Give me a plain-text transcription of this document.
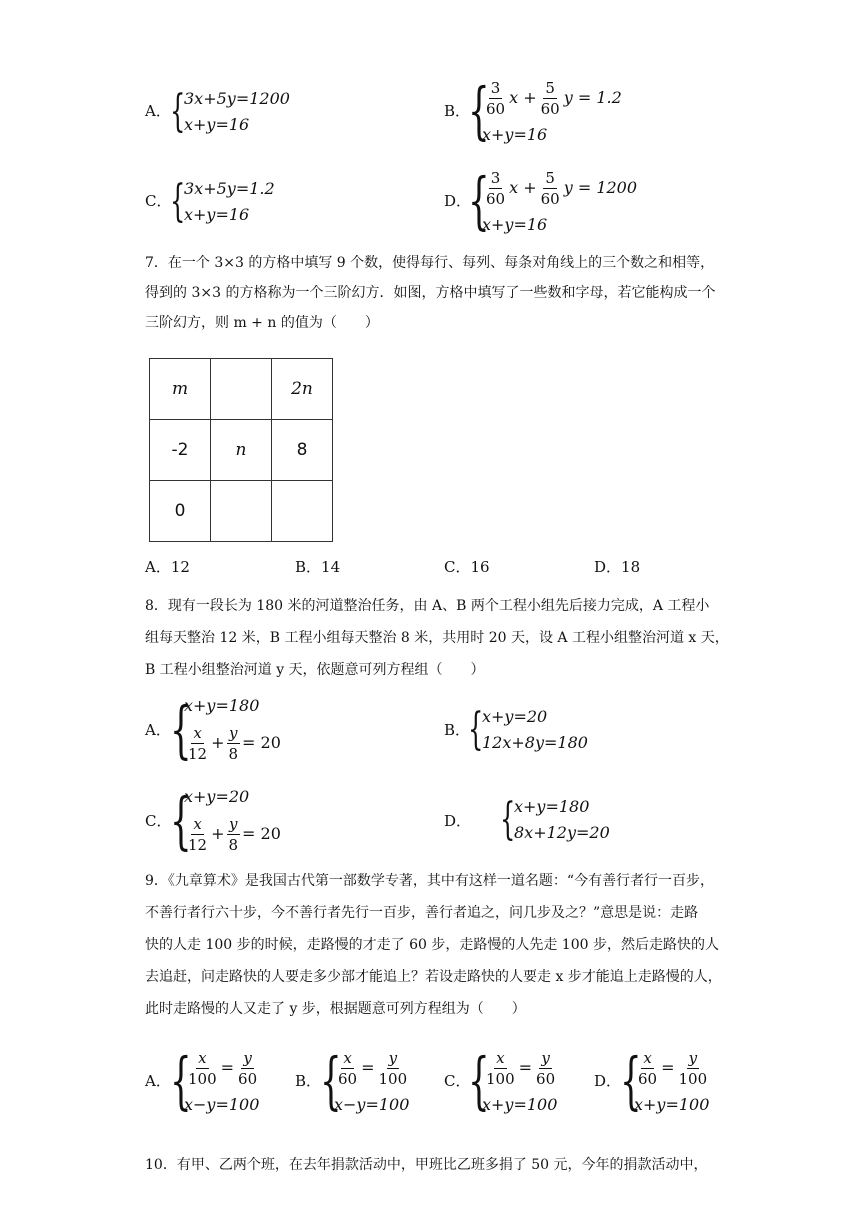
A． {
3x+5y=1200
x+y=16
B．
{
$\frac{3}{60}$ $x + \frac{5}{60}$ y = 1.2
x+y=16
C．
{
3x+5y=1.2
x+y=16
D．
{
$\frac{3}{60}$ $x + \frac{5}{60}$ y = 1200
x+y=16
7．在一个 3×3 的方格中填写 9 个数，使得每行、每列、每条对角线上的三个数之和相等，
得到的 3×3 的方格称为一个三阶幻方．如图，方格中填写了一些数和字母，若它能构成一个
三阶幻方，则 m + n 的值为（　　）
m		2n
-2	n	8
0		
A．12	B．14	C．16	D．18
8．现有一段长为 180 米的河道整治任务，由 A、B 两个工程小组先后接力完成，A 工程小
组每天整治 12 米，B 工程小组每天整治 8 米，共用时 20 天，设 A 工程小组整治河道 x 天，
B 工程小组整治河道 y 天，依题意可列方程组（　　）
A． {
x+y=180
$\frac{x}{12} + \frac{y}{8} = 20$
B．
{
x+y=20
12x+8y=180
C．
{
x+y=20
$\frac{x}{12} + \frac{y}{8} = 20$
D． {
x+y=180
8x+12y=20
9．《九章算术》是我国古代第一部数学专著，其中有这样一道名题：“今有善行者行一百步，
不善行者行六十步，今不善行者先行一百步，善行者追之，问几步及之？”意思是说：走路
快的人走 100 步的时候，走路慢的才走了 60 步，走路慢的人先走 100 步，然后走路快的人
去追赶，问走路快的人要走多少部才能追上？若设走路快的人要走 x 步才能追上走路慢的人，
此时走路慢的人又走了 y 步，根据题意可列方程组为（　　）
A． {
$\frac{x}{100} = \frac{y}{60}$
x−y=100
B．
{
$\frac{x}{60} = \frac{y}{100}$
x−y=100
C．
{
$\frac{x}{100} = \frac{y}{60}$
x+y=100
D．
{
$\frac{x}{60} = \frac{y}{100}$
x+y=100
10．有甲、乙两个班，在去年捐款活动中，甲班比乙班多捐了 50 元，今年的捐款活动中，
